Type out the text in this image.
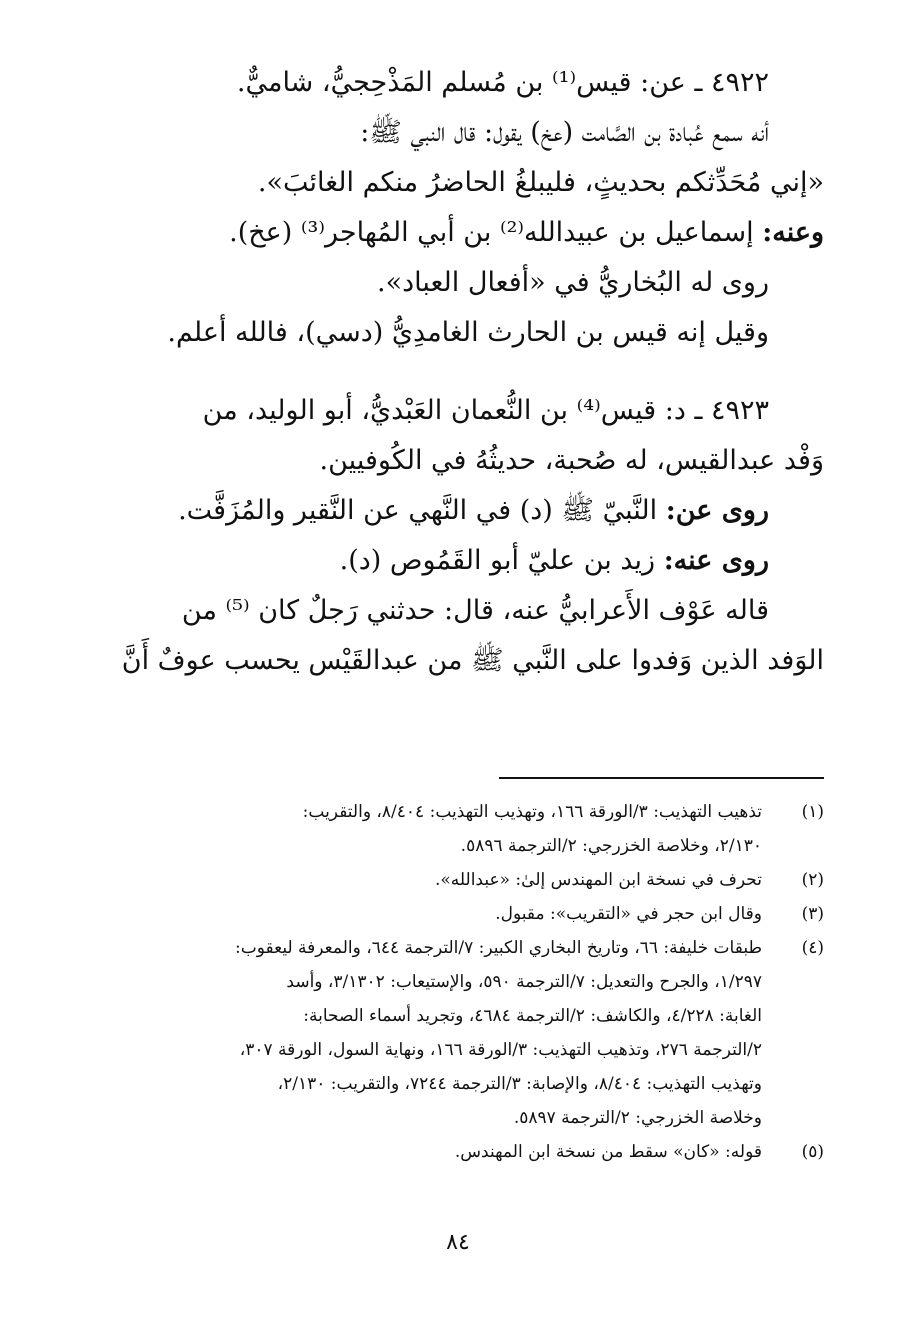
٤٩٢٢ ـ عن: قيس⁽¹⁾ بن مُسلم المَذْحِجيُّ، شاميٌّ.
أنه سمع عُبادة بن الصَّامت (عخ) يقول: قال النبي ﷺ:
«إني مُحَدِّثكم بحديثٍ، فليبلغُ الحاضرُ منكم الغائبَ».
وعنه: إسماعيل بن عبيدالله⁽²⁾ بن أبي المُهاجر⁽³⁾ (عخ).
روى له البُخاريُّ في «أفعال العباد».
وقيل إنه قيس بن الحارث الغامدِيُّ (دسي)، فالله أعلم.
٤٩٢٣ ـ د: قيس⁽⁴⁾ بن النُّعمان العَبْديُّ، أبو الوليد، من
وَفْد عبدالقيس، له صُحبة، حديثُهُ في الكُوفيين.
روى عن: النَّبيّ ﷺ (د) في النَّهي عن النَّقير والمُزَفَّت.
روى عنه: زيد بن عليّ أبو القَمُوص (د).
قاله عَوْف الأَعرابيُّ عنه، قال: حدثني رَجلٌ كان ⁽⁵⁾ من
الوَفد الذين وَفدوا على النَّبي ﷺ من عبدالقَيْس يحسب عوفٌ أَنَّ
(١)
تذهيب التهذيب: ٣/الورقة ١٦٦، وتهذيب التهذيب: ٨/٤٠٤، والتقريب:
٢/١٣٠، وخلاصة الخزرجي: ٢/الترجمة ٥٨٩٦.
(٢)
تحرف في نسخة ابن المهندس إلىٰ: «عبدالله».
(٣)
وقال ابن حجر في «التقريب»: مقبول.
(٤)
طبقات خليفة: ٦٦، وتاريخ البخاري الكبير: ٧/الترجمة ٦٤٤، والمعرفة ليعقوب:
١/٢٩٧، والجرح والتعديل: ٧/الترجمة ٥٩٠، والإستيعاب: ٣/١٣٠٢، وأسد
الغابة: ٤/٢٢٨، والكاشف: ٢/الترجمة ٤٦٨٤، وتجريد أسماء الصحابة:
٢/الترجمة ٢٧٦، وتذهيب التهذيب: ٣/الورقة ١٦٦، ونهاية السول، الورقة ٣٠٧،
وتهذيب التهذيب: ٨/٤٠٤، والإصابة: ٣/الترجمة ٧٢٤٤، والتقريب: ٢/١٣٠،
وخلاصة الخزرجي: ٢/الترجمة ٥٨٩٧.
(٥)
قوله: «كان» سقط من نسخة ابن المهندس.
٨٤
